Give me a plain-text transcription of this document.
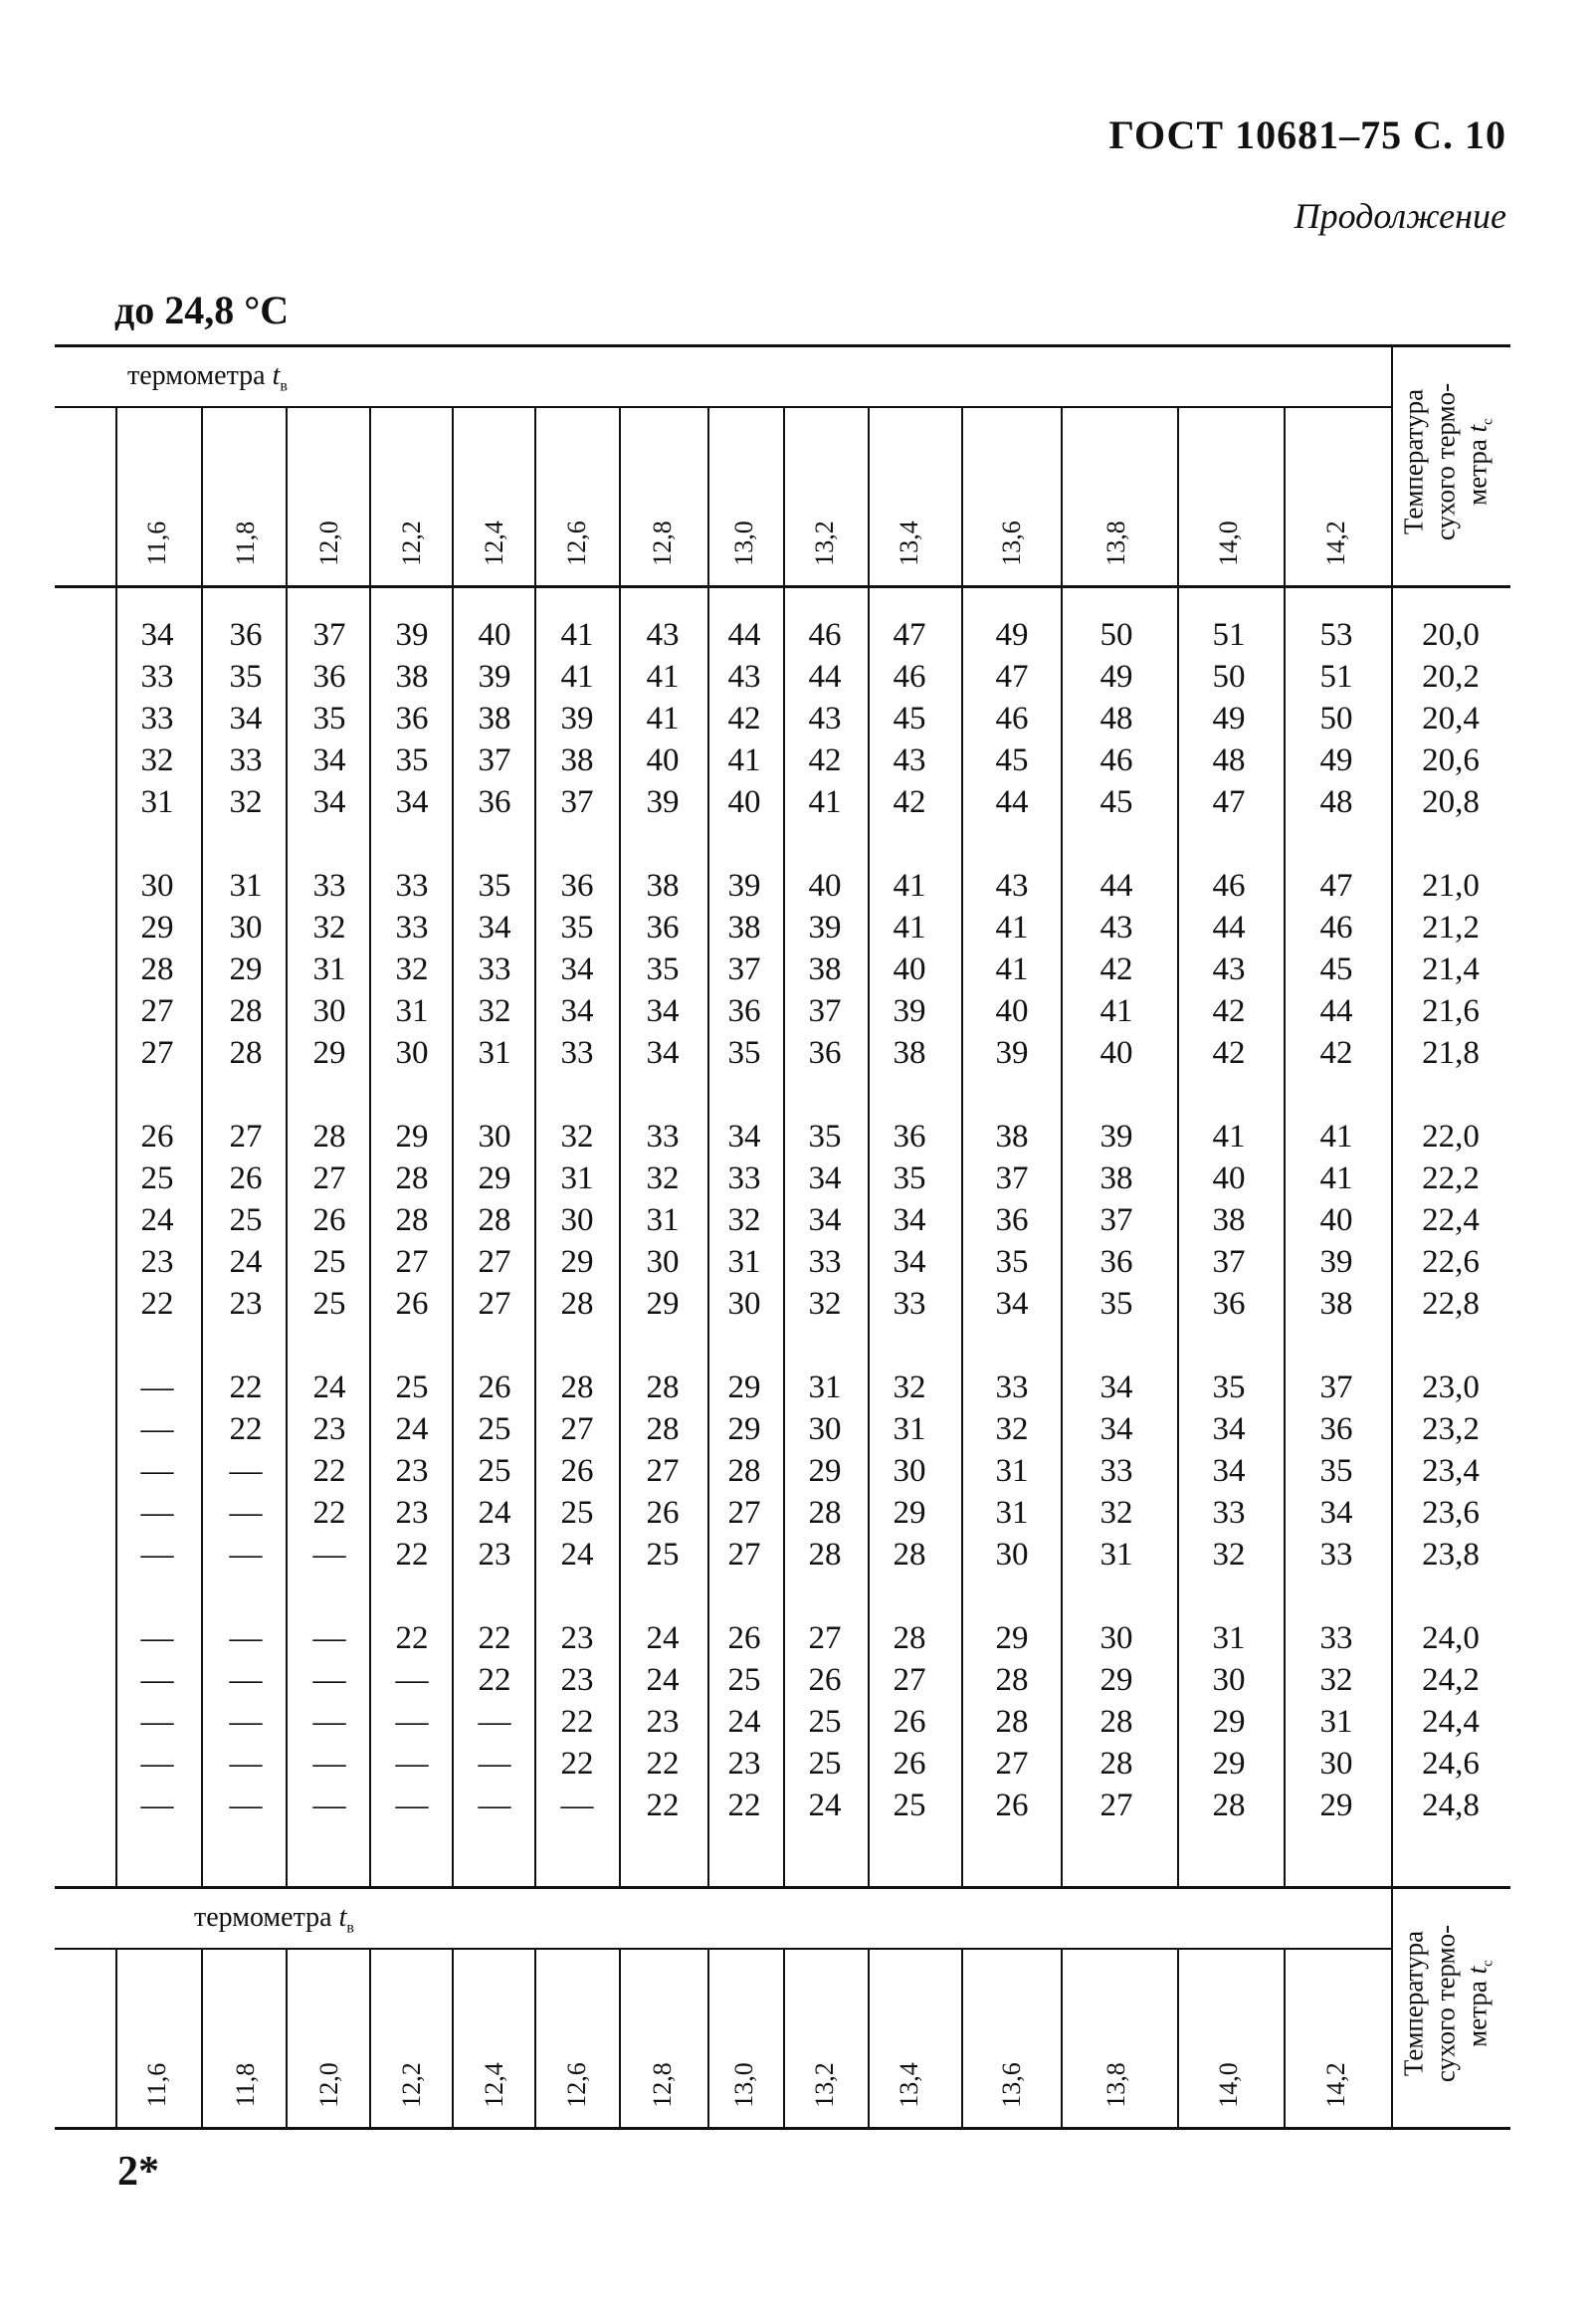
ГОСТ 10681–75 С. 10
Продолжение
до 24,8 °С
термометра $t_в$
11,6 11,8 12,0 12,2 12,4 12,6 12,8 13,0 13,2 13,4	13,6	13,8	14,0	14,2
Температура сухого термо- метра $t_с$
34 36 37 39 40 41 43 44 46 47 49 50 51 53 20,0
33 35 36 38 39 41 41 43 44 46 47 49 50 51 20,2
33 34 35 36 38 39 41 42 43 45 46 48 49 50 20,4
32 33 34 35 37 38 40 41 42 43 45 46 48 49 20,6
31 32 34 34 36 37 39 40 41 42 44 45 47 48 20,8
30 31 33 33 35 36 38 39 40 41 43 44 46 47 21,0
29 30 32 33 34 35 36 38 39 41 41 43 44 46 21,2
28 29 31 32 33 34 35 37 38 40 41 42 43 45 21,4
27 28 30 31 32 34 34 36 37 39 40 41 42 44 21,6
27 28 29 30 31 33 34 35 36 38 39 40 42 42 21,8
26 27 28 29 30 32 33 34 35 36 38 39 41 41 22,0
25 26 27 28 29 31 32 33 34 35 37 38 40 41 22,2
24 25 26 28 28 30 31 32 34 34 36 37 38 40 22,4
23 24 25 27 27 29 30 31 33 34 35 36 37 39 22,6
22 23 25 26 27 28 29 30 32 33 34 35 36 38 22,8
— 22 24 25 26 28 28 29 31 32 33 34 35 37 23,0
— 22 23 24 25 27 28 29 30 31 32 34 34 36 23,2
— — 22 23 25 26 27 28 29 30 31 33 34 35 23,4
— — 22 23 24 25 26 27 28 29 31 32 33 34 23,6
— — — 22 23 24 25 27 28 28 30 31 32 33 23,8
— — — 22 22 23 24 26 27 28 29 30 31 33 24,0
— — — — 22 23 24 25 26 27 28 29 30 32 24,2
— — — — — 22 23 24 25 26 28 28 29 31 24,4
— — — — — 22 22 23 25 26 27 28 29 30 24,6
— — — — — — 22 22 24 25 26 27 28 29 24,8
термометра $t_в$
11,6 11,8 12,0 12,2 12,4 12,6 12,8 13,0 13,2 13,4	13,6	13,8	14,0	14,2
Температура сухого термо- метра $t_с$
2*
